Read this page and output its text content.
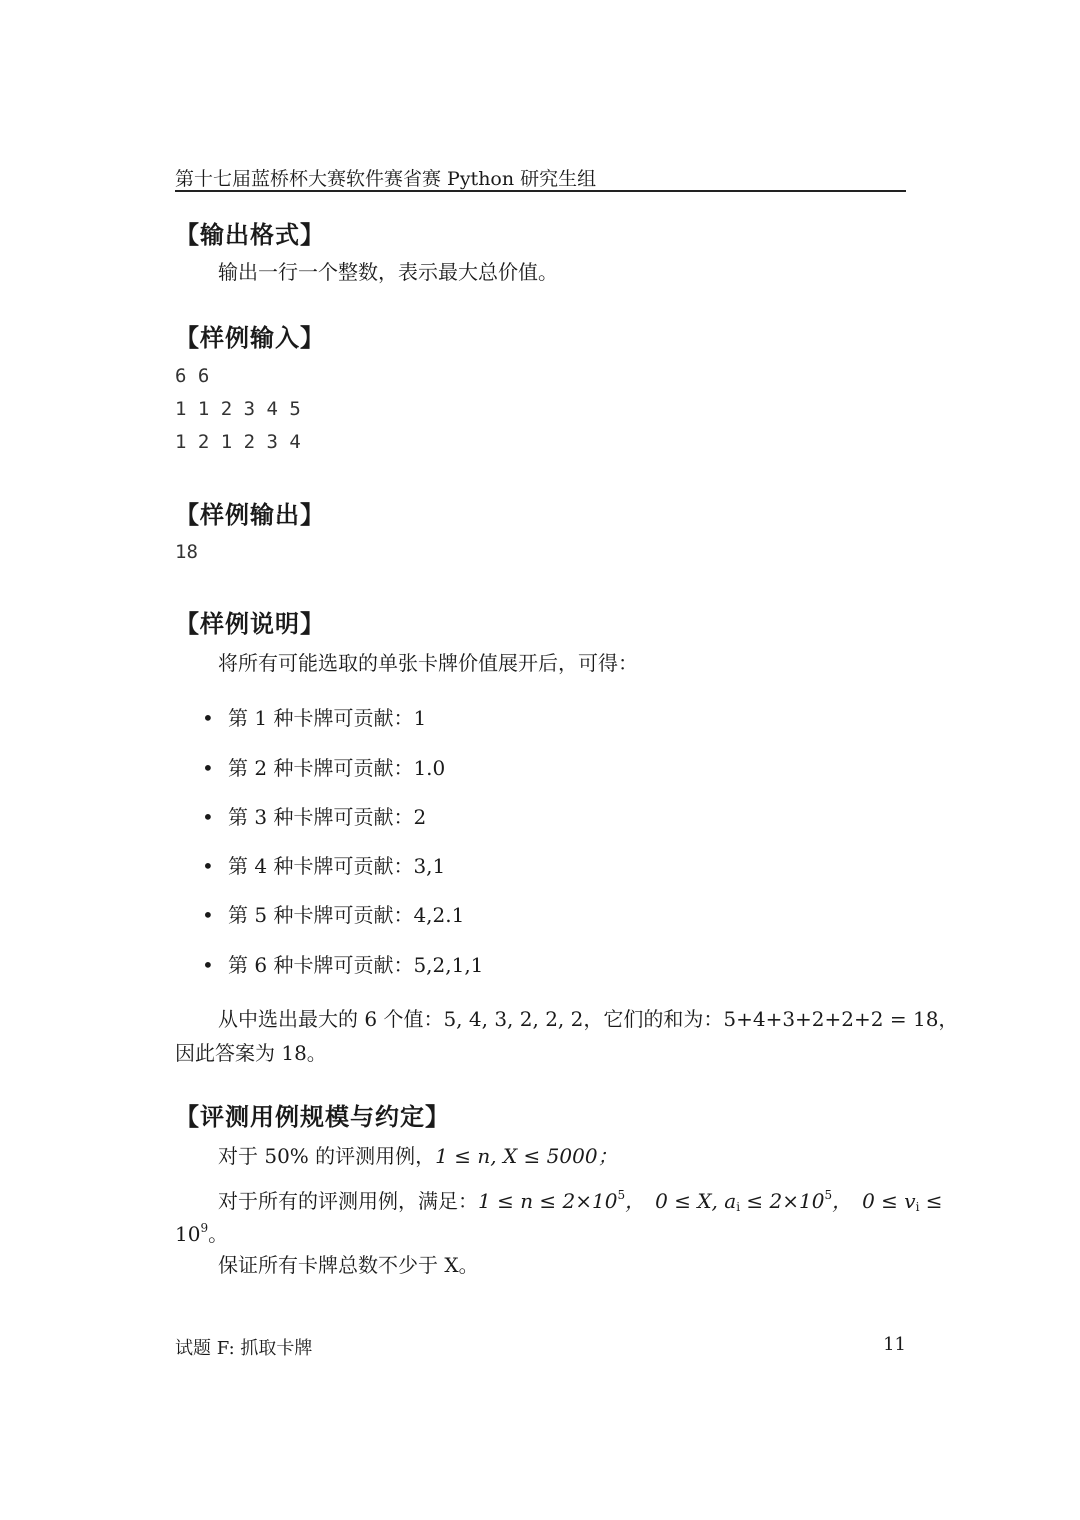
第十七届蓝桥杯大赛软件赛省赛 Python 研究生组
【输出格式】
输出一行一个整数，表示最大总价值。
【样例输入】
6 6
1 1 2 3 4 5
1 2 1 2 3 4
【样例输出】
18
【样例说明】
将所有可能选取的单张卡牌价值展开后，可得：
• 第 1 种卡牌可贡献：1
• 第 2 种卡牌可贡献：1.0
• 第 3 种卡牌可贡献：2
• 第 4 种卡牌可贡献：3,1
• 第 5 种卡牌可贡献：4,2.1
• 第 6 种卡牌可贡献：5,2,1,1
从中选出最大的 6 个值：5, 4, 3, 2, 2, 2，它们的和为：5+4+3+2+2+2 = 18，
因此答案为 18。
【评测用例规模与约定】
对于 50% 的评测用例，1 ≤ n, X ≤ 5000；
对于所有的评测用例，满足：$1 \le n \le 2\times 10^5$，　0 ≤ X, $a_i \le 2\times 10^5$，　$0 \le v_i$ ≤
$10^9$。
保证所有卡牌总数不少于 X。
试题 F: 抓取卡牌	11
